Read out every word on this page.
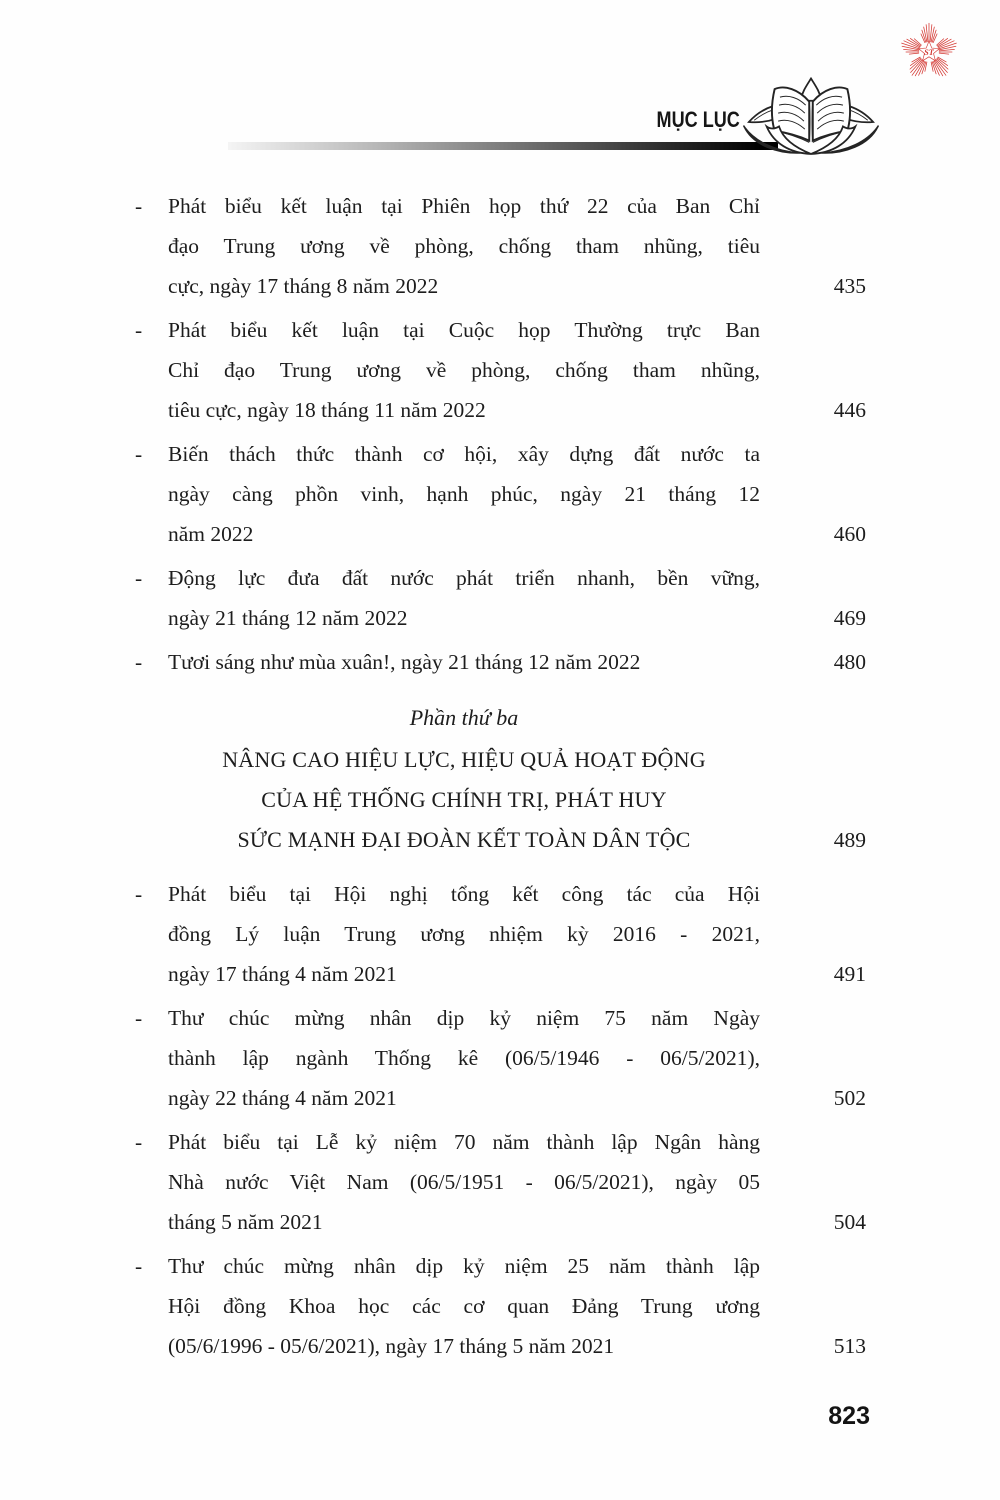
ST
MỤC LỤC
-	Phát biểu kết luận tại Phiên họp thứ 22 của Ban Chỉ
đạo Trung ương về phòng, chống tham nhũng, tiêu
cực, ngày 17 tháng 8 năm 2022	435
-	Phát biểu kết luận tại Cuộc họp Thường trực Ban
Chỉ đạo Trung ương về phòng, chống tham nhũng,
tiêu cực, ngày 18 tháng 11 năm 2022	446
-	Biến thách thức thành cơ hội, xây dựng đất nước ta
ngày càng phồn vinh, hạnh phúc, ngày 21 tháng 12
năm 2022	460
-	Động lực đưa đất nước phát triển nhanh, bền vững,
ngày 21 tháng 12 năm 2022	469
-	Tươi sáng như mùa xuân!, ngày 21 tháng 12 năm 2022	480
Phần thứ ba
NÂNG CAO HIỆU LỰC, HIỆU QUẢ HOẠT ĐỘNG
CỦA HỆ THỐNG CHÍNH TRỊ, PHÁT HUY
SỨC MẠNH ĐẠI ĐOÀN KẾT TOÀN DÂN TỘC	489
-	Phát biểu tại Hội nghị tổng kết công tác của Hội
đồng Lý luận Trung ương nhiệm kỳ 2016 - 2021,
ngày 17 tháng 4 năm 2021	491
-	Thư chúc mừng nhân dịp kỷ niệm 75 năm Ngày
thành lập ngành Thống kê (06/5/1946 - 06/5/2021),
ngày 22 tháng 4 năm 2021	502
-	Phát biểu tại Lễ kỷ niệm 70 năm thành lập Ngân hàng
Nhà nước Việt Nam (06/5/1951 - 06/5/2021), ngày 05
tháng 5 năm 2021	504
-	Thư chúc mừng nhân dịp kỷ niệm 25 năm thành lập
Hội đồng Khoa học các cơ quan Đảng Trung ương
(05/6/1996 - 05/6/2021), ngày 17 tháng 5 năm 2021	513
823
